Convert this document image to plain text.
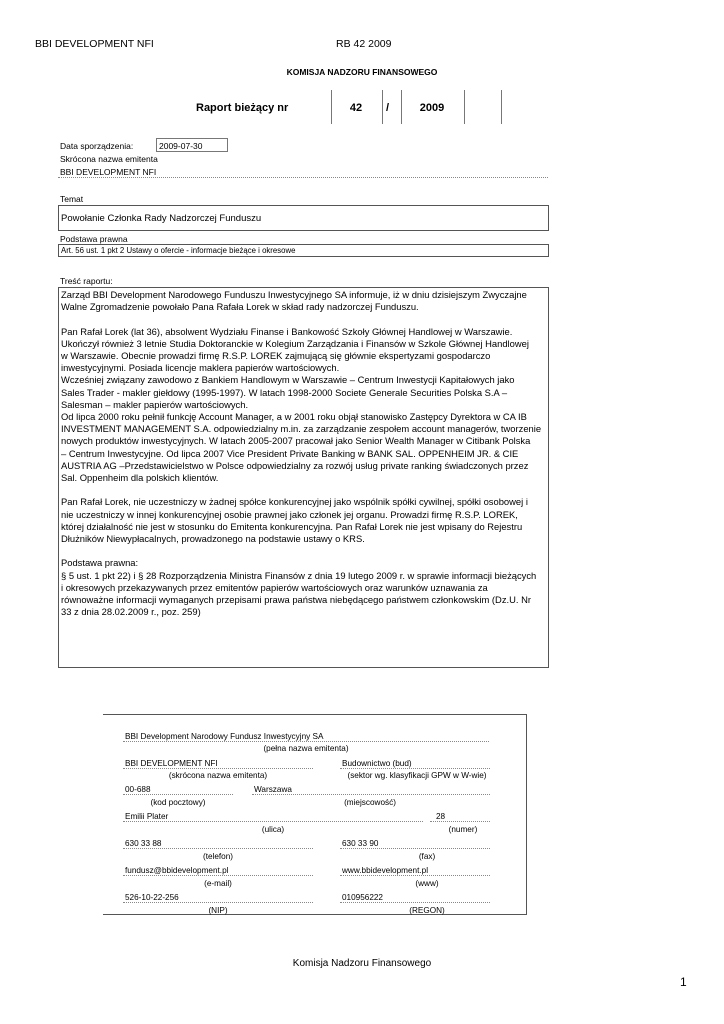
BBI DEVELOPMENT NFI	RB 42 2009
KOMISJA NADZORU FINANSOWEGO
Raport bieżący nr	42	/	2009
Data sporządzenia:	2009-07-30
Skrócona nazwa emitenta
BBI DEVELOPMENT NFI
Temat
Powołanie Członka Rady Nadzorczej Funduszu
Podstawa prawna
Art. 56 ust. 1 pkt 2 Ustawy o ofercie - informacje bieżące i okresowe
Treść raportu:
Zarząd BBI Development Narodowego Funduszu Inwestycyjnego SA informuje, iż w dniu dzisiejszym Zwyczajne
Walne Zgromadzenie powołało Pana Rafała Lorek w skład rady nadzorczej Funduszu.

Pan Rafał Lorek (lat 36), absolwent Wydziału Finanse i Bankowość Szkoły Głównej Handlowej w Warszawie.
Ukończył również 3 letnie Studia Doktoranckie w Kolegium Zarządzania i Finansów w Szkole Głównej Handlowej
w Warszawie. Obecnie prowadzi firmę R.S.P. LOREK zajmującą się głównie ekspertyzami gospodarczo
inwestycyjnymi. Posiada licencje maklera papierów wartościowych.
Wcześniej związany zawodowo z Bankiem Handlowym w Warszawie – Centrum Inwestycji Kapitałowych jako
Sales Trader - makler giełdowy (1995-1997). W latach 1998-2000 Societe Generale Securities Polska S.A –
Salesman – makler papierów wartościowych.
Od lipca 2000 roku pełnił funkcję Account Manager, a w 2001 roku objął stanowisko Zastępcy Dyrektora w CA IB
INVESTMENT MANAGEMENT S.A. odpowiedzialny m.in. za zarządzanie zespołem account managerów, tworzenie
nowych produktów inwestycyjnych. W latach 2005-2007 pracował jako Senior Wealth Manager w Citibank Polska
– Centrum Inwestycyjne. Od lipca 2007 Vice President Private Banking w BANK SAL. OPPENHEIM JR. & CIE
AUSTRIA AG –Przedstawicielstwo w Polsce odpowiedzialny za rozwój usług private ranking świadczonych przez
Sal. Oppenheim dla polskich klientów.

Pan Rafał Lorek, nie uczestniczy w żadnej spółce konkurencyjnej jako wspólnik spółki cywilnej, spółki osobowej i
nie uczestniczy w innej konkurencyjnej osobie prawnej jako członek jej organu. Prowadzi firmę R.S.P. LOREK,
której działalność nie jest w stosunku do Emitenta konkurencyjna. Pan Rafał Lorek nie jest wpisany do Rejestru
Dłużników Niewypłacalnych, prowadzonego na podstawie ustawy o KRS.

Podstawa prawna:
§ 5 ust. 1 pkt 22) i § 28 Rozporządzenia Ministra Finansów z dnia 19 lutego 2009 r. w sprawie informacji bieżących
i okresowych przekazywanych przez emitentów papierów wartościowych oraz warunków uznawania za
równoważne informacji wymaganych przepisami prawa państwa niebędącego państwem członkowskim (Dz.U. Nr
33 z dnia 28.02.2009 r., poz. 259)
BBI Development Narodowy Fundusz Inwestycyjny SA
(pełna nazwa emitenta)
BBI DEVELOPMENT NFI
(skrócona nazwa emitenta)
Budownictwo (bud)
(sektor wg. klasyfikacji GPW w W-wie)
00-688
(kod pocztowy)
Warszawa
(miejscowość)
Emilii Plater
(ulica)
28
(numer)
630 33 88
(telefon)
630 33 90
(fax)
fundusz@bbidevelopment.pl
(e-mail)
www.bbidevelopment.pl
(www)
526-10-22-256
(NIP)
010956222
(REGON)
Komisja Nadzoru Finansowego
1
